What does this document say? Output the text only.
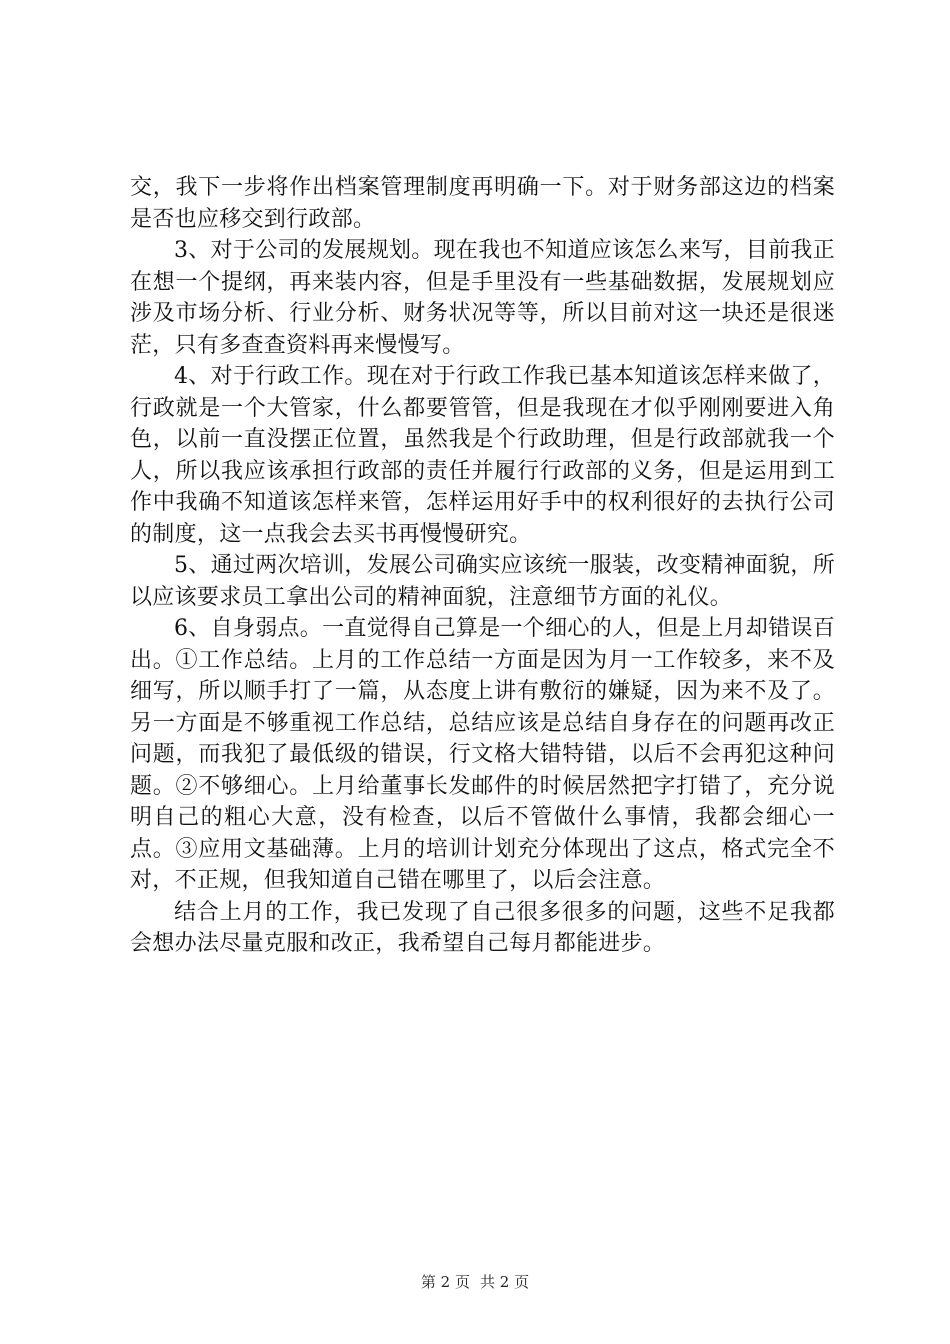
交，我下一步将作出档案管理制度再明确一下。对于财务部这边的档案是否也应移交到行政部。

3、对于公司的发展规划。现在我也不知道应该怎么来写，目前我正在想一个提纲，再来装内容，但是手里没有一些基础数据，发展规划应涉及市场分析、行业分析、财务状况等等，所以目前对这一块还是很迷茫，只有多查查资料再来慢慢写。

4、对于行政工作。现在对于行政工作我已基本知道该怎样来做了，行政就是一个大管家，什么都要管管，但是我现在才似乎刚刚要进入角色，以前一直没摆正位置，虽然我是个行政助理，但是行政部就我一个人，所以我应该承担行政部的责任并履行行政部的义务，但是运用到工作中我确不知道该怎样来管，怎样运用好手中的权利很好的去执行公司的制度，这一点我会去买书再慢慢研究。

5、通过两次培训，发展公司确实应该统一服装，改变精神面貌，所以应该要求员工拿出公司的精神面貌，注意细节方面的礼仪。

6、自身弱点。一直觉得自己算是一个细心的人，但是上月却错误百出。①工作总结。上月的工作总结一方面是因为月一工作较多，来不及细写，所以顺手打了一篇，从态度上讲有敷衍的嫌疑，因为来不及了。另一方面是不够重视工作总结，总结应该是总结自身存在的问题再改正问题，而我犯了最低级的错误，行文格大错特错，以后不会再犯这种问题。②不够细心。上月给董事长发邮件的时候居然把字打错了，充分说明自己的粗心大意，没有检查，以后不管做什么事情，我都会细心一点。③应用文基础薄。上月的培训计划充分体现出了这点，格式完全不对，不正规，但我知道自己错在哪里了，以后会注意。

结合上月的工作，我已发现了自己很多很多的问题，这些不足我都会想办法尽量克服和改正，我希望自己每月都能进步。

第 2 页 共 2 页
